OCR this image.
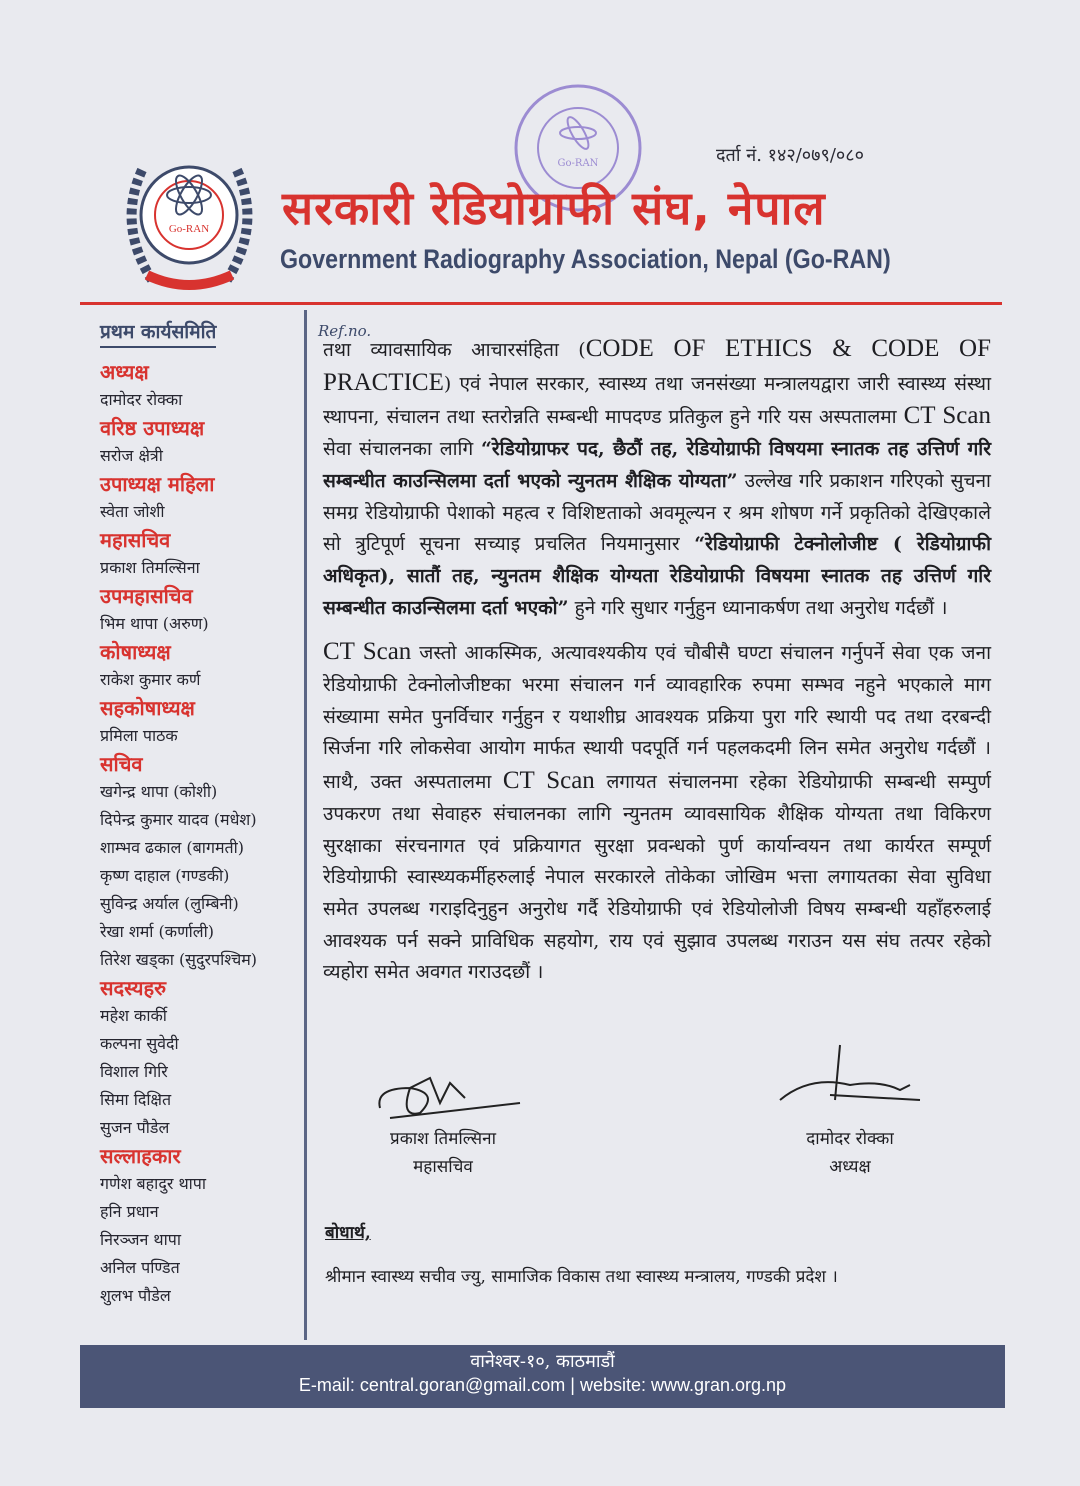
Go-RAN
Go-RAN	दर्ता नं. १४२/०७९/०८०
सरकारी रेडियोग्राफी संघ, नेपाल
Government Radiography Association, Nepal (Go-RAN)
प्रथम कार्यसमिति
अध्यक्ष
दामोदर रोक्का
वरिष्ठ उपाध्यक्ष
सरोज क्षेत्री
उपाध्यक्ष महिला
स्वेता जोशी
महासचिव
प्रकाश तिमल्सिना
उपमहासचिव
भिम थापा (अरुण)
कोषाध्यक्ष
राकेश कुमार कर्ण
सहकोषाध्यक्ष
प्रमिला पाठक
सचिव
खगेन्द्र थापा (कोशी)
दिपेन्द्र कुमार यादव (मधेश)
शाम्भव ढकाल (बागमती)
कृष्ण दाहाल (गण्डकी)
सुविन्द्र अर्याल (लुम्बिनी)
रेखा शर्मा (कर्णाली)
तिरेश खड्का (सुदुरपश्चिम)
सदस्यहरु
महेश कार्की
कल्पना सुवेदी
विशाल गिरि
सिमा दिक्षित
सुजन पौडेल
सल्लाहकार
गणेश बहादुर थापा
हनि प्रधान
निरञ्जन थापा
अनिल पण्डित
शुलभ पौडेल
Ref.no.

तथा व्यावसायिक आचारसंहिता (CODE OF ETHICS & CODE OF PRACTICE) एवं नेपाल सरकार, स्वास्थ्य तथा जनसंख्या मन्त्रालयद्वारा जारी स्वास्थ्य संस्था स्थापना, संचालन तथा स्तरोन्नति सम्बन्धी मापदण्ड प्रतिकुल हुने गरि यस अस्पतालमा CT Scan सेवा संचालनका लागि “रेडियोग्राफर पद, छैठौं तह, रेडियोग्राफी विषयमा स्नातक तह उत्तिर्ण गरि सम्बन्धीत काउन्सिलमा दर्ता भएको न्युनतम शैक्षिक योग्यता” उल्लेख गरि प्रकाशन गरिएको सुचना समग्र रेडियोग्राफी पेशाको महत्व र विशिष्टताको अवमूल्यन र श्रम शोषण गर्ने प्रकृतिको देखिएकाले सो त्रुटिपूर्ण सूचना सच्याइ प्रचलित नियमानुसार “रेडियोग्राफी टेक्नोलोजीष्ट ( रेडियोग्राफी अधिकृत), सातौं तह, न्युनतम शैक्षिक योग्यता रेडियोग्राफी विषयमा स्नातक तह उत्तिर्ण गरि सम्बन्धीत काउन्सिलमा दर्ता भएको” हुने गरि सुधार गर्नुहुन ध्यानाकर्षण तथा अनुरोध गर्दछौं ।

CT Scan जस्तो आकस्मिक, अत्यावश्यकीय एवं चौबीसै घण्टा संचालन गर्नुपर्ने सेवा एक जना रेडियोग्राफी टेक्नोलोजीष्टका भरमा संचालन गर्न व्यावहारिक रुपमा सम्भव नहुने भएकाले माग संख्यामा समेत पुनर्विचार गर्नुहुन र यथाशीघ्र आवश्यक प्रक्रिया पुरा गरि स्थायी पद तथा दरबन्दी सिर्जना गरि लोकसेवा आयोग मार्फत स्थायी पदपूर्ति गर्न पहलकदमी लिन समेत अनुरोध गर्दछौं । साथै, उक्त अस्पतालमा CT Scan लगायत संचालनमा रहेका रेडियोग्राफी सम्बन्धी सम्पुर्ण उपकरण तथा सेवाहरु संचालनका लागि न्युनतम व्यावसायिक शैक्षिक योग्यता तथा विकिरण सुरक्षाका संरचनागत एवं प्रक्रियागत सुरक्षा प्रवन्धको पुर्ण कार्यान्वयन तथा कार्यरत सम्पूर्ण रेडियोग्राफी स्वास्थ्यकर्मीहरुलाई नेपाल सरकारले तोकेका जोखिम भत्ता लगायतका सेवा सुविधा समेत उपलब्ध गराइदिनुहुन अनुरोध गर्दै रेडियोग्राफी एवं रेडियोलोजी विषय सम्बन्धी यहाँहरुलाई आवश्यक पर्न सक्ने प्राविधिक सहयोग, राय एवं सुझाव उपलब्ध गराउन यस संघ तत्पर रहेको व्यहोरा समेत अवगत गराउदछौं ।

प्रकाश तिमल्सिना
महासचिव
दामोदर रोक्का
अध्यक्ष
बोधार्थ,
श्रीमान स्वास्थ्य सचीव ज्यु, सामाजिक विकास तथा स्वास्थ्य मन्त्रालय, गण्डकी प्रदेश ।
वानेश्वर-१०, काठमाडौं
E-mail: central.goran@gmail.com | website: www.gran.org.np
